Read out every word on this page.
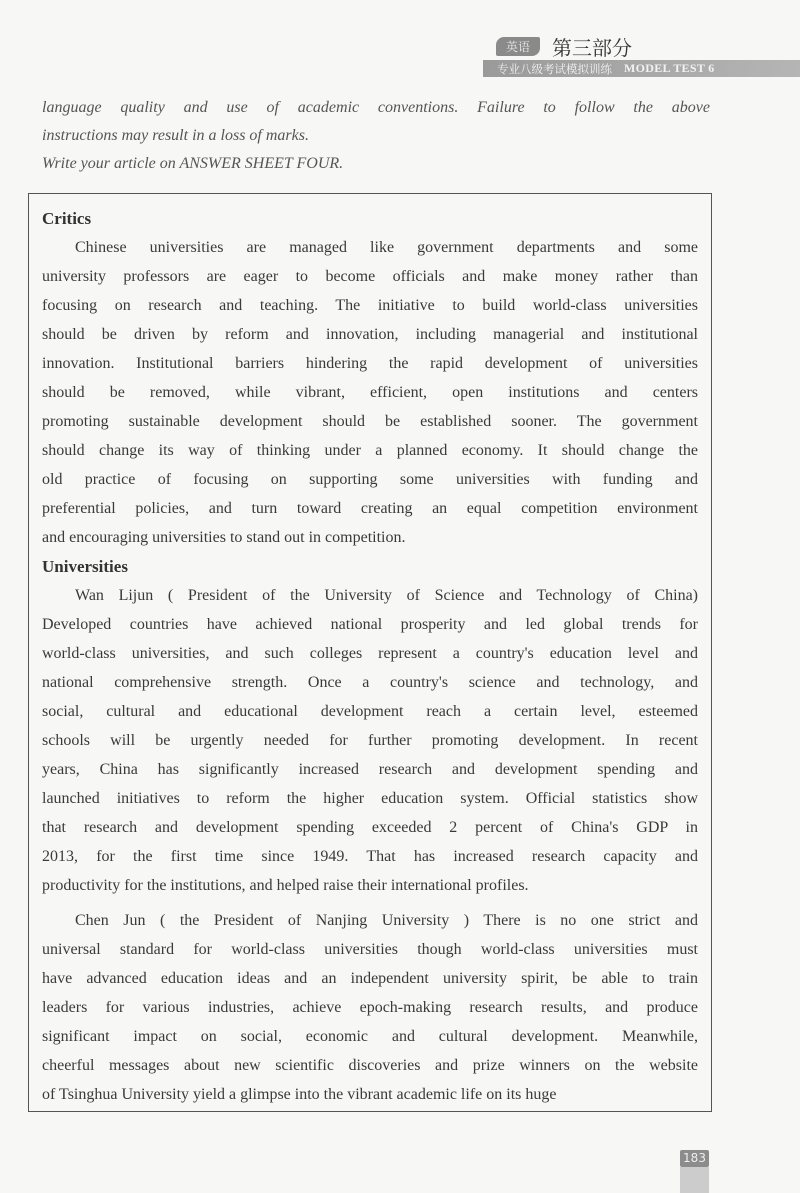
英语	第三部分
专业八级考试模拟训练 MODEL TEST 6
language quality and use of academic conventions. Failure to follow the above
instructions may result in a loss of marks.
Write your article on ANSWER SHEET FOUR.
Critics
Chinese universities are managed like government departments and some
university professors are eager to become officials and make money rather than
focusing on research and teaching. The initiative to build world-class universities
should be driven by reform and innovation, including managerial and institutional
innovation. Institutional barriers hindering the rapid development of universities
should be removed, while vibrant, efficient, open institutions and centers
promoting sustainable development should be established sooner. The government
should change its way of thinking under a planned economy. It should change the
old practice of focusing on supporting some universities with funding and
preferential policies, and turn toward creating an equal competition environment
and encouraging universities to stand out in competition.
Universities
Wan Lijun ( President of the University of Science and Technology of China)
Developed countries have achieved national prosperity and led global trends for
world-class universities, and such colleges represent a country's education level and
national comprehensive strength. Once a country's science and technology, and
social, cultural and educational development reach a certain level, esteemed
schools will be urgently needed for further promoting development. In recent
years, China has significantly increased research and development spending and
launched initiatives to reform the higher education system. Official statistics show
that research and development spending exceeded 2 percent of China's GDP in
2013, for the first time since 1949. That has increased research capacity and
productivity for the institutions, and helped raise their international profiles.
Chen Jun ( the President of Nanjing University ) There is no one strict and
universal standard for world-class universities though world-class universities must
have advanced education ideas and an independent university spirit, be able to train
leaders for various industries, achieve epoch-making research results, and produce
significant impact on social, economic and cultural development. Meanwhile,
cheerful messages about new scientific discoveries and prize winners on the website
of Tsinghua University yield a glimpse into the vibrant academic life on its huge
183
